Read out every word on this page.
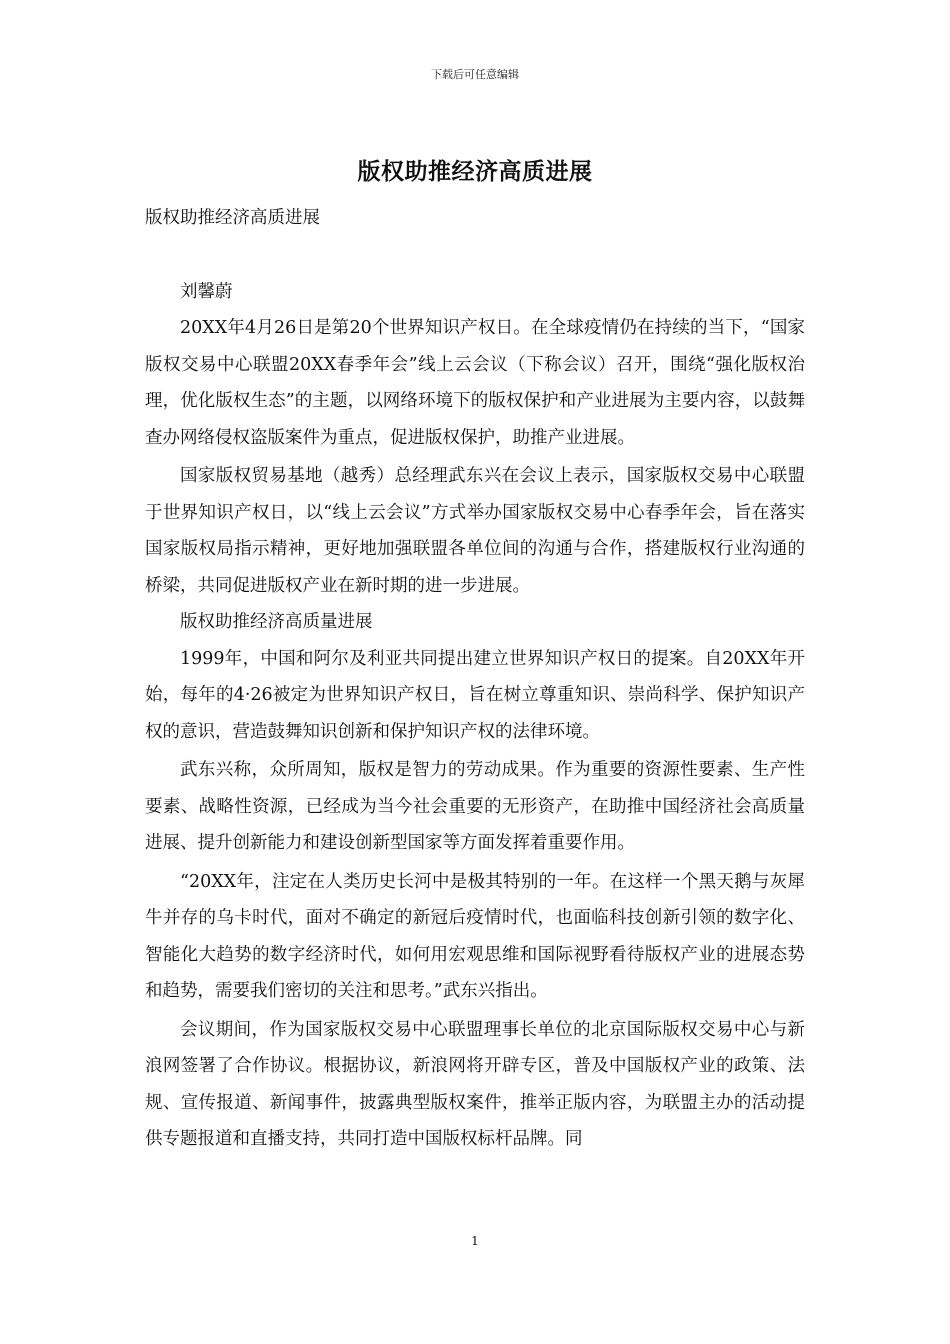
下载后可任意编辑
版权助推经济高质进展

版权助推经济高质进展

刘馨蔚

20XX年4月26日是第20个世界知识产权日。在全球疫情仍在持续的当下，“国家版权交易中心联盟20XX春季年会”线上云会议（下称会议）召开，围绕“强化版权治理，优化版权生态”的主题，以网络环境下的版权保护和产业进展为主要内容，以鼓舞查办网络侵权盗版案件为重点，促进版权保护，助推产业进展。

国家版权贸易基地（越秀）总经理武东兴在会议上表示，国家版权交易中心联盟于世界知识产权日，以“线上云会议”方式举办国家版权交易中心春季年会，旨在落实国家版权局指示精神，更好地加强联盟各单位间的沟通与合作，搭建版权行业沟通的桥梁，共同促进版权产业在新时期的进一步进展。

版权助推经济高质量进展

1999年，中国和阿尔及利亚共同提出建立世界知识产权日的提案。自20XX年开始，每年的4·26被定为世界知识产权日，旨在树立尊重知识、崇尚科学、保护知识产权的意识，营造鼓舞知识创新和保护知识产权的法律环境。

武东兴称，众所周知，版权是智力的劳动成果。作为重要的资源性要素、生产性要素、战略性资源，已经成为当今社会重要的无形资产，在助推中国经济社会高质量进展、提升创新能力和建设创新型国家等方面发挥着重要作用。

“20XX年，注定在人类历史长河中是极其特别的一年。在这样一个黑天鹅与灰犀牛并存的乌卡时代，面对不确定的新冠后疫情时代，也面临科技创新引领的数字化、智能化大趋势的数字经济时代，如何用宏观思维和国际视野看待版权产业的进展态势和趋势，需要我们密切的关注和思考。”武东兴指出。

会议期间，作为国家版权交易中心联盟理事长单位的北京国际版权交易中心与新浪网签署了合作协议。根据协议，新浪网将开辟专区，普及中国版权产业的政策、法规、宣传报道、新闻事件，披露典型版权案件，推举正版内容，为联盟主办的活动提供专题报道和直播支持，共同打造中国版权标杆品牌。同

1
